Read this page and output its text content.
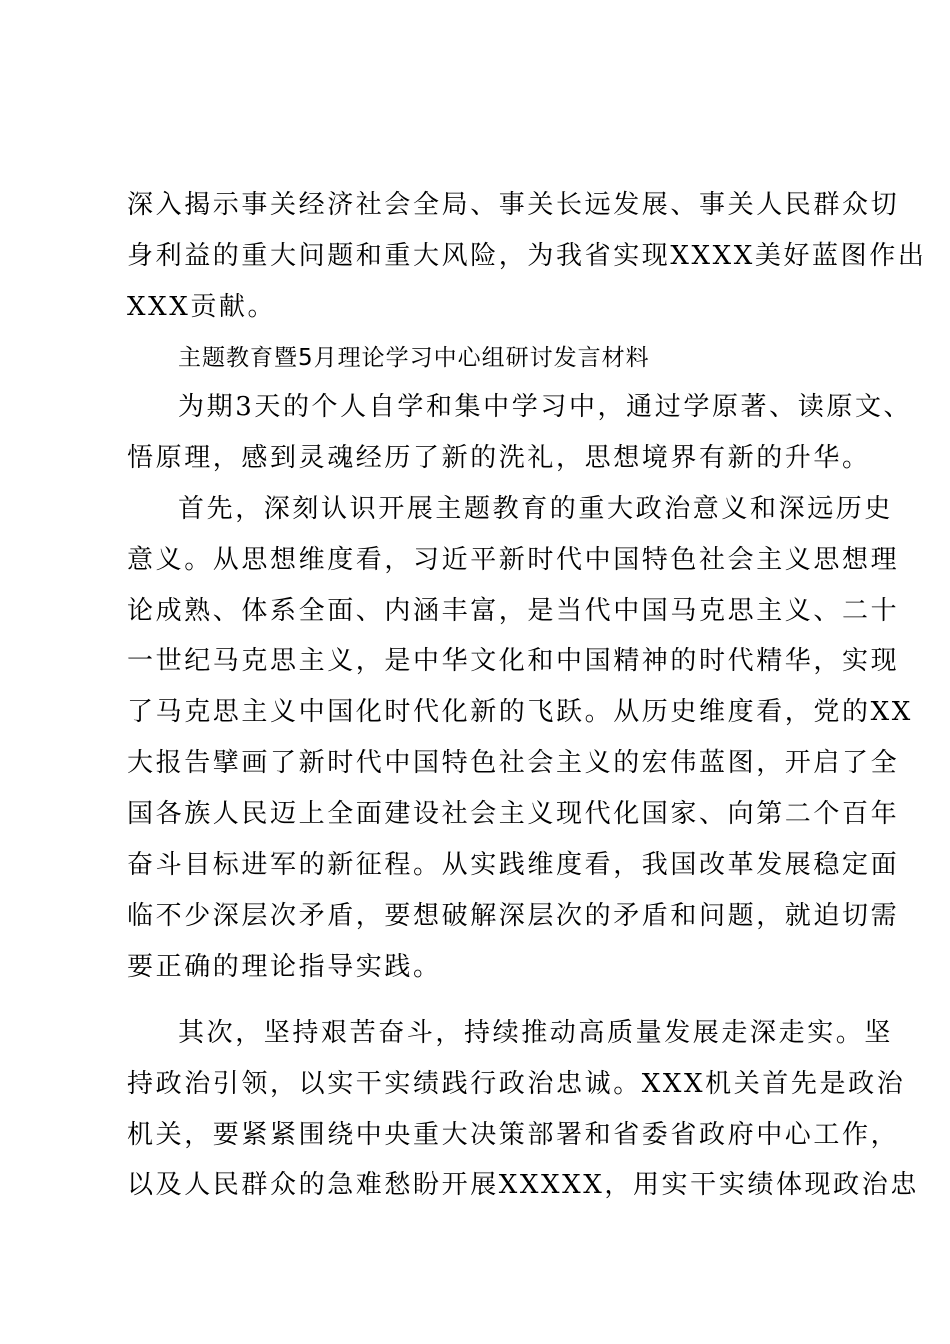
深入揭示事关经济社会全局、事关长远发展、事关人民群众切
身利益的重大问题和重大风险，为我省实现XXXX美好蓝图作出
XXX贡献。
主题教育暨5月理论学习中心组研讨发言材料
为期3天的个人自学和集中学习中，通过学原著、读原文、
悟原理，感到灵魂经历了新的洗礼，思想境界有新的升华。
首先，深刻认识开展主题教育的重大政治意义和深远历史
意义。从思想维度看，习近平新时代中国特色社会主义思想理
论成熟、体系全面、内涵丰富，是当代中国马克思主义、二十
一世纪马克思主义，是中华文化和中国精神的时代精华，实现
了马克思主义中国化时代化新的飞跃。从历史维度看，党的XX
大报告擘画了新时代中国特色社会主义的宏伟蓝图，开启了全
国各族人民迈上全面建设社会主义现代化国家、向第二个百年
奋斗目标进军的新征程。从实践维度看，我国改革发展稳定面
临不少深层次矛盾，要想破解深层次的矛盾和问题，就迫切需
要正确的理论指导实践。
其次，坚持艰苦奋斗，持续推动高质量发展走深走实。坚
持政治引领，以实干实绩践行政治忠诚。XXX机关首先是政治
机关，要紧紧围绕中央重大决策部署和省委省政府中心工作，
以及人民群众的急难愁盼开展XXXXX，用实干实绩体现政治忠
